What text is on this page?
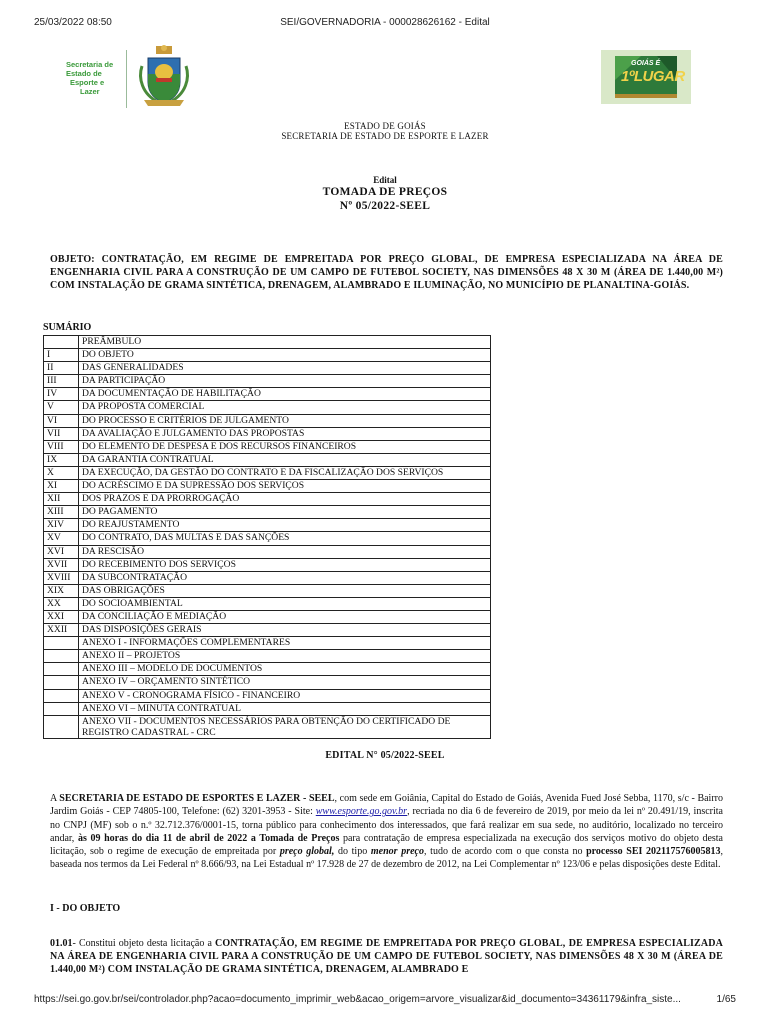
25/03/2022 08:50	SEI/GOVERNADORIA - 000028626162 - Edital
Secretaria de
Estado de
Esporte e
Lazer
GOIÁS É
1ºLUGAR
ESTADO DE GOIÁS
SECRETARIA DE ESTADO DE ESPORTE E LAZER
Edital
TOMADA DE PREÇOS
Nº 05/2022-SEEL
OBJETO: CONTRATAÇÃO, EM REGIME DE EMPREITADA POR PREÇO GLOBAL, DE EMPRESA ESPECIALIZADA NA ÁREA DE ENGENHARIA CIVIL PARA A CONSTRUÇÃO DE UM CAMPO DE FUTEBOL SOCIETY, NAS DIMENSÕES 48 X 30 M (ÁREA DE 1.440,00 M²) COM INSTALAÇÃO DE GRAMA SINTÉTICA, DRENAGEM, ALAMBRADO E ILUMINAÇÃO, NO MUNICÍPIO DE PLANALTINA-GOIÁS.
SUMÁRIO
	PREÂMBULO
I	DO OBJETO
II	DAS GENERALIDADES
III	DA PARTICIPAÇÃO
IV	DA DOCUMENTAÇÃO DE HABILITAÇÃO
V	DA PROPOSTA COMERCIAL
VI	DO PROCESSO E CRITÉRIOS DE JULGAMENTO
VII	DA AVALIAÇÃO E JULGAMENTO DAS PROPOSTAS
VIII	DO ELEMENTO DE DESPESA E DOS RECURSOS FINANCEIROS
IX	DA GARANTIA CONTRATUAL
X	DA EXECUÇÃO, DA GESTÃO DO CONTRATO E DA FISCALIZAÇÃO DOS SERVIÇOS
XI	DO ACRÉSCIMO E DA SUPRESSÃO DOS SERVIÇOS
XII	DOS PRAZOS E DA PRORROGAÇÃO
XIII	DO PAGAMENTO
XIV	DO REAJUSTAMENTO
XV	DO CONTRATO, DAS MULTAS E DAS SANÇÕES
XVI	DA RESCISÃO
XVII	DO RECEBIMENTO DOS SERVIÇOS
XVIII	DA SUBCONTRATAÇÃO
XIX	DAS OBRIGAÇÕES
XX	DO SOCIOAMBIENTAL
XXI	DA CONCILIAÇÃO E MEDIAÇÃO
XXII	DAS DISPOSIÇÕES GERAIS
	ANEXO I - INFORMAÇÕES COMPLEMENTARES
	ANEXO II – PROJETOS
	ANEXO III – MODELO DE DOCUMENTOS
	ANEXO IV – ORÇAMENTO SINTÉTICO
	ANEXO V - CRONOGRAMA FÍSICO - FINANCEIRO
	ANEXO VI – MINUTA CONTRATUAL
	ANEXO VII - DOCUMENTOS NECESSÁRIOS PARA OBTENÇÃO DO CERTIFICADO DE REGISTRO CADASTRAL - CRC
EDITAL N° 05/2022-SEEL
A SECRETARIA DE ESTADO DE ESPORTES E LAZER - SEEL, com sede em Goiânia, Capital do Estado de Goiás, Avenida Fued José Sebba, 1170, s/c - Bairro Jardim Goiás - CEP 74805-100, Telefone: (62) 3201-3953 - Site: www.esporte.go.gov.br, recriada no dia 6 de fevereiro de 2019, por meio da lei nº 20.491/19, inscrita no CNPJ (MF) sob o n.º 32.712.376/0001-15, torna público para conhecimento dos interessados, que fará realizar em sua sede, no auditório, localizado no terceiro andar, às 09 horas do dia 11 de abril de 2022 a Tomada de Preços para contratação de empresa especializada na execução dos serviços motivo do objeto desta licitação, sob o regime de execução de empreitada por preço global, do tipo menor preço, tudo de acordo com o que consta no processo SEI 202117576005813, baseada nos termos da Lei Federal nº 8.666/93, na Lei Estadual nº 17.928 de 27 de dezembro de 2012, na Lei Complementar nº 123/06 e pelas disposições deste Edital.
I - DO OBJETO
01.01- Constitui objeto desta licitação a CONTRATAÇÃO, EM REGIME DE EMPREITADA POR PREÇO GLOBAL, DE EMPRESA ESPECIALIZADA NA ÁREA DE ENGENHARIA CIVIL PARA A CONSTRUÇÃO DE UM CAMPO DE FUTEBOL SOCIETY, NAS DIMENSÕES 48 X 30 M (ÁREA DE 1.440,00 M²) COM INSTALAÇÃO DE GRAMA SINTÉTICA, DRENAGEM, ALAMBRADO E
https://sei.go.gov.br/sei/controlador.php?acao=documento_imprimir_web&acao_origem=arvore_visualizar&id_documento=34361179&infra_siste...	1/65
